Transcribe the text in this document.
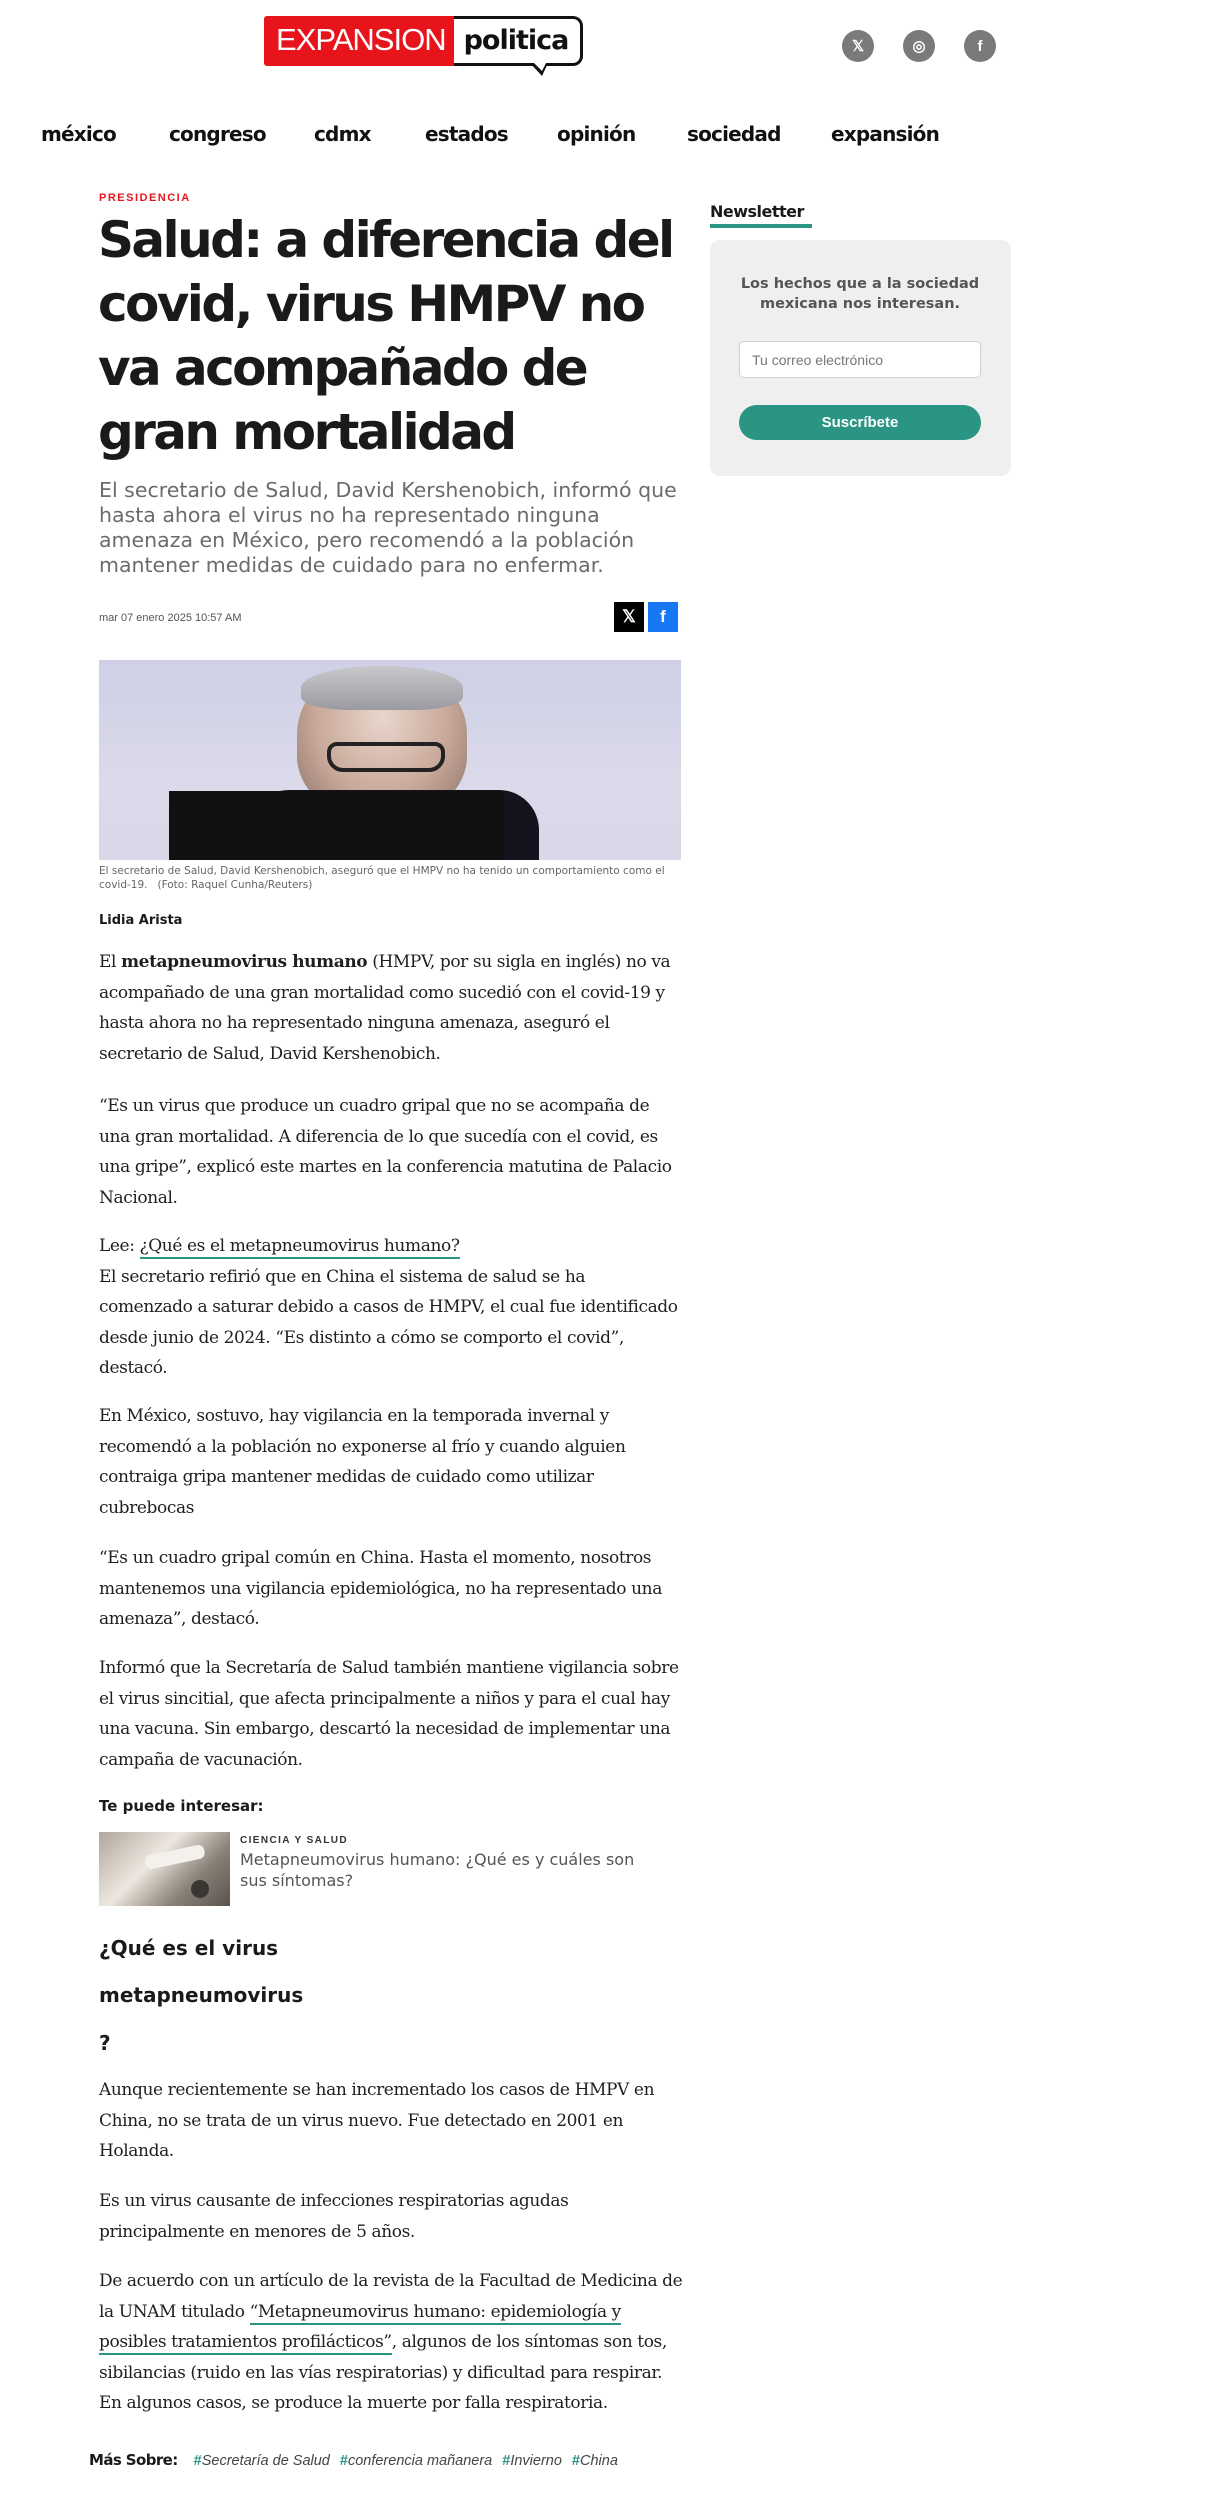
EXPANSION politica	𝕏	◎	f
méxico	congreso	cdmx	estados	opinión	sociedad	expansión
PRESIDENCIA
Salud: a diferencia del covid, virus HMPV no va acompañado de gran mortalidad

El secretario de Salud, David Kershenobich, informó que hasta ahora el virus no ha representado ninguna amenaza en México, pero recomendó a la población mantener medidas de cuidado para no enfermar.

mar 07 enero 2025 10:57 AM	𝕏	f
El secretario de Salud, David Kershenobich, aseguró que el HMPV no ha tenido un comportamiento como el covid-19. (Foto: Raquel Cunha/Reuters)
Lidia Arista

El metapneumovirus humano (HMPV, por su sigla en inglés) no va acompañado de una gran mortalidad como sucedió con el covid-19 y hasta ahora no ha representado ninguna amenaza, aseguró el secretario de Salud, David Kershenobich.

“Es un virus que produce un cuadro gripal que no se acompaña de una gran mortalidad. A diferencia de lo que sucedía con el covid, es una gripe”, explicó este martes en la conferencia matutina de Palacio Nacional.

Lee: ¿Qué es el metapneumovirus humano?
El secretario refirió que en China el sistema de salud se ha comenzado a saturar debido a casos de HMPV, el cual fue identificado desde junio de 2024. “Es distinto a cómo se comporto el covid”, destacó.

En México, sostuvo, hay vigilancia en la temporada invernal y recomendó a la población no exponerse al frío y cuando alguien contraiga gripa mantener medidas de cuidado como utilizar cubrebocas

“Es un cuadro gripal común en China. Hasta el momento, nosotros mantenemos una vigilancia epidemiológica, no ha representado una amenaza”, destacó.

Informó que la Secretaría de Salud también mantiene vigilancia sobre el virus sincitial, que afecta principalmente a niños y para el cual hay una vacuna. Sin embargo, descartó la necesidad de implementar una campaña de vacunación.

Te puede interesar:
CIENCIA Y SALUD
Metapneumovirus humano: ¿Qué es y cuáles son sus síntomas?
¿Qué es el virus
metapneumovirus
?

Aunque recientemente se han incrementado los casos de HMPV en China, no se trata de un virus nuevo. Fue detectado en 2001 en Holanda.

Es un virus causante de infecciones respiratorias agudas principalmente en menores de 5 años.

De acuerdo con un artículo de la revista de la Facultad de Medicina de la UNAM titulado “Metapneumovirus humano: epidemiología y posibles tratamientos profilácticos”, algunos de los síntomas son tos, sibilancias (ruido en las vías respiratorias) y dificultad para respirar. En algunos casos, se produce la muerte por falla respiratoria.

Más Sobre: #Secretaría de Salud #conferencia mañanera #Invierno #China
Newsletter
Los hechos que a la sociedad mexicana nos interesan.
Tu correo electrónico
Suscríbete
